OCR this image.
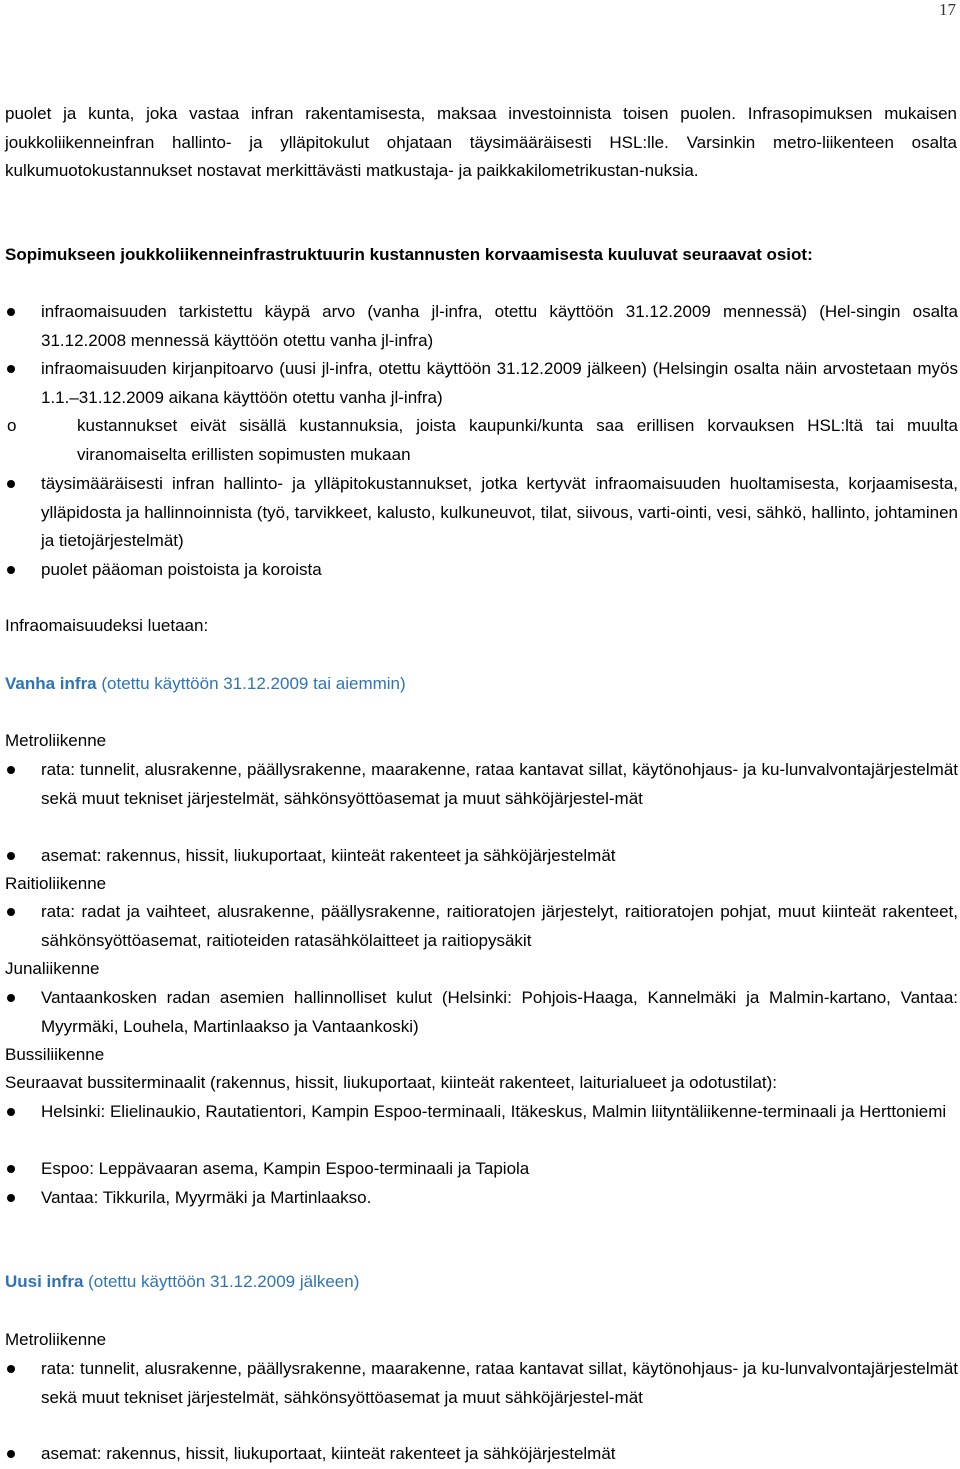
17
puolet ja kunta, joka vastaa infran rakentamisesta, maksaa investoinnista toisen puolen. Infrasopimuksen mukaisen joukkoliikenneinfran hallinto- ja ylläpitokulut ohjataan täysimääräisesti HSL:lle. Varsinkin metro-liikenteen osalta kulkumuotokustannukset nostavat merkittävästi matkustaja- ja paikkakilometrikustan-nuksia.
Sopimukseen joukkoliikenneinfrastruktuurin kustannusten korvaamisesta kuuluvat seuraavat osiot:
infraomaisuuden tarkistettu käypä arvo (vanha jl-infra, otettu käyttöön 31.12.2009 mennessä) (Hel-singin osalta 31.12.2008 mennessä käyttöön otettu vanha jl-infra)
infraomaisuuden kirjanpitoarvo (uusi jl-infra, otettu käyttöön 31.12.2009 jälkeen) (Helsingin osalta näin arvostetaan myös 1.1.–31.12.2009 aikana käyttöön otettu vanha jl-infra)
o	kustannukset eivät sisällä kustannuksia, joista kaupunki/kunta saa erillisen korvauksen HSL:ltä tai muulta viranomaiselta erillisten sopimusten mukaan
täysimääräisesti infran hallinto- ja ylläpitokustannukset, jotka kertyvät infraomaisuuden huoltamisesta, korjaamisesta, ylläpidosta ja hallinnoinnista (työ, tarvikkeet, kalusto, kulkuneuvot, tilat, siivous, varti-ointi, vesi, sähkö, hallinto, johtaminen ja tietojärjestelmät)
puolet pääoman poistoista ja koroista
Infraomaisuudeksi luetaan:
Vanha infra (otettu käyttöön 31.12.2009 tai aiemmin)
Metroliikenne
rata: tunnelit, alusrakenne, päällysrakenne, maarakenne, rataa kantavat sillat, käytönohjaus- ja ku-lunvalvontajärjestelmät sekä muut tekniset järjestelmät, sähkönsyöttöasemat ja muut sähköjärjestel-mät
asemat: rakennus, hissit, liukuportaat, kiinteät rakenteet ja sähköjärjestelmät
Raitioliikenne
rata: radat ja vaihteet, alusrakenne, päällysrakenne, raitioratojen järjestelyt, raitioratojen pohjat, muut kiinteät rakenteet, sähkönsyöttöasemat, raitioteiden ratasähkölaitteet ja raitiopysäkit
Junaliikenne
Vantaankosken radan asemien hallinnolliset kulut (Helsinki: Pohjois-Haaga, Kannelmäki ja Malmin-kartano, Vantaa: Myyrmäki, Louhela, Martinlaakso ja Vantaankoski)
Bussiliikenne
Seuraavat bussiterminaalit (rakennus, hissit, liukuportaat, kiinteät rakenteet, laiturialueet ja odotustilat):
Helsinki: Elielinaukio, Rautatientori, Kampin Espoo-terminaali, Itäkeskus, Malmin liityntäliikenne-terminaali ja Herttoniemi
Espoo: Leppävaaran asema, Kampin Espoo-terminaali ja Tapiola
Vantaa: Tikkurila, Myyrmäki ja Martinlaakso.
Uusi infra (otettu käyttöön 31.12.2009 jälkeen)
Metroliikenne
rata: tunnelit, alusrakenne, päällysrakenne, maarakenne, rataa kantavat sillat, käytönohjaus- ja ku-lunvalvontajärjestelmät sekä muut tekniset järjestelmät, sähkönsyöttöasemat ja muut sähköjärjestel-mät
asemat: rakennus, hissit, liukuportaat, kiinteät rakenteet ja sähköjärjestelmät
